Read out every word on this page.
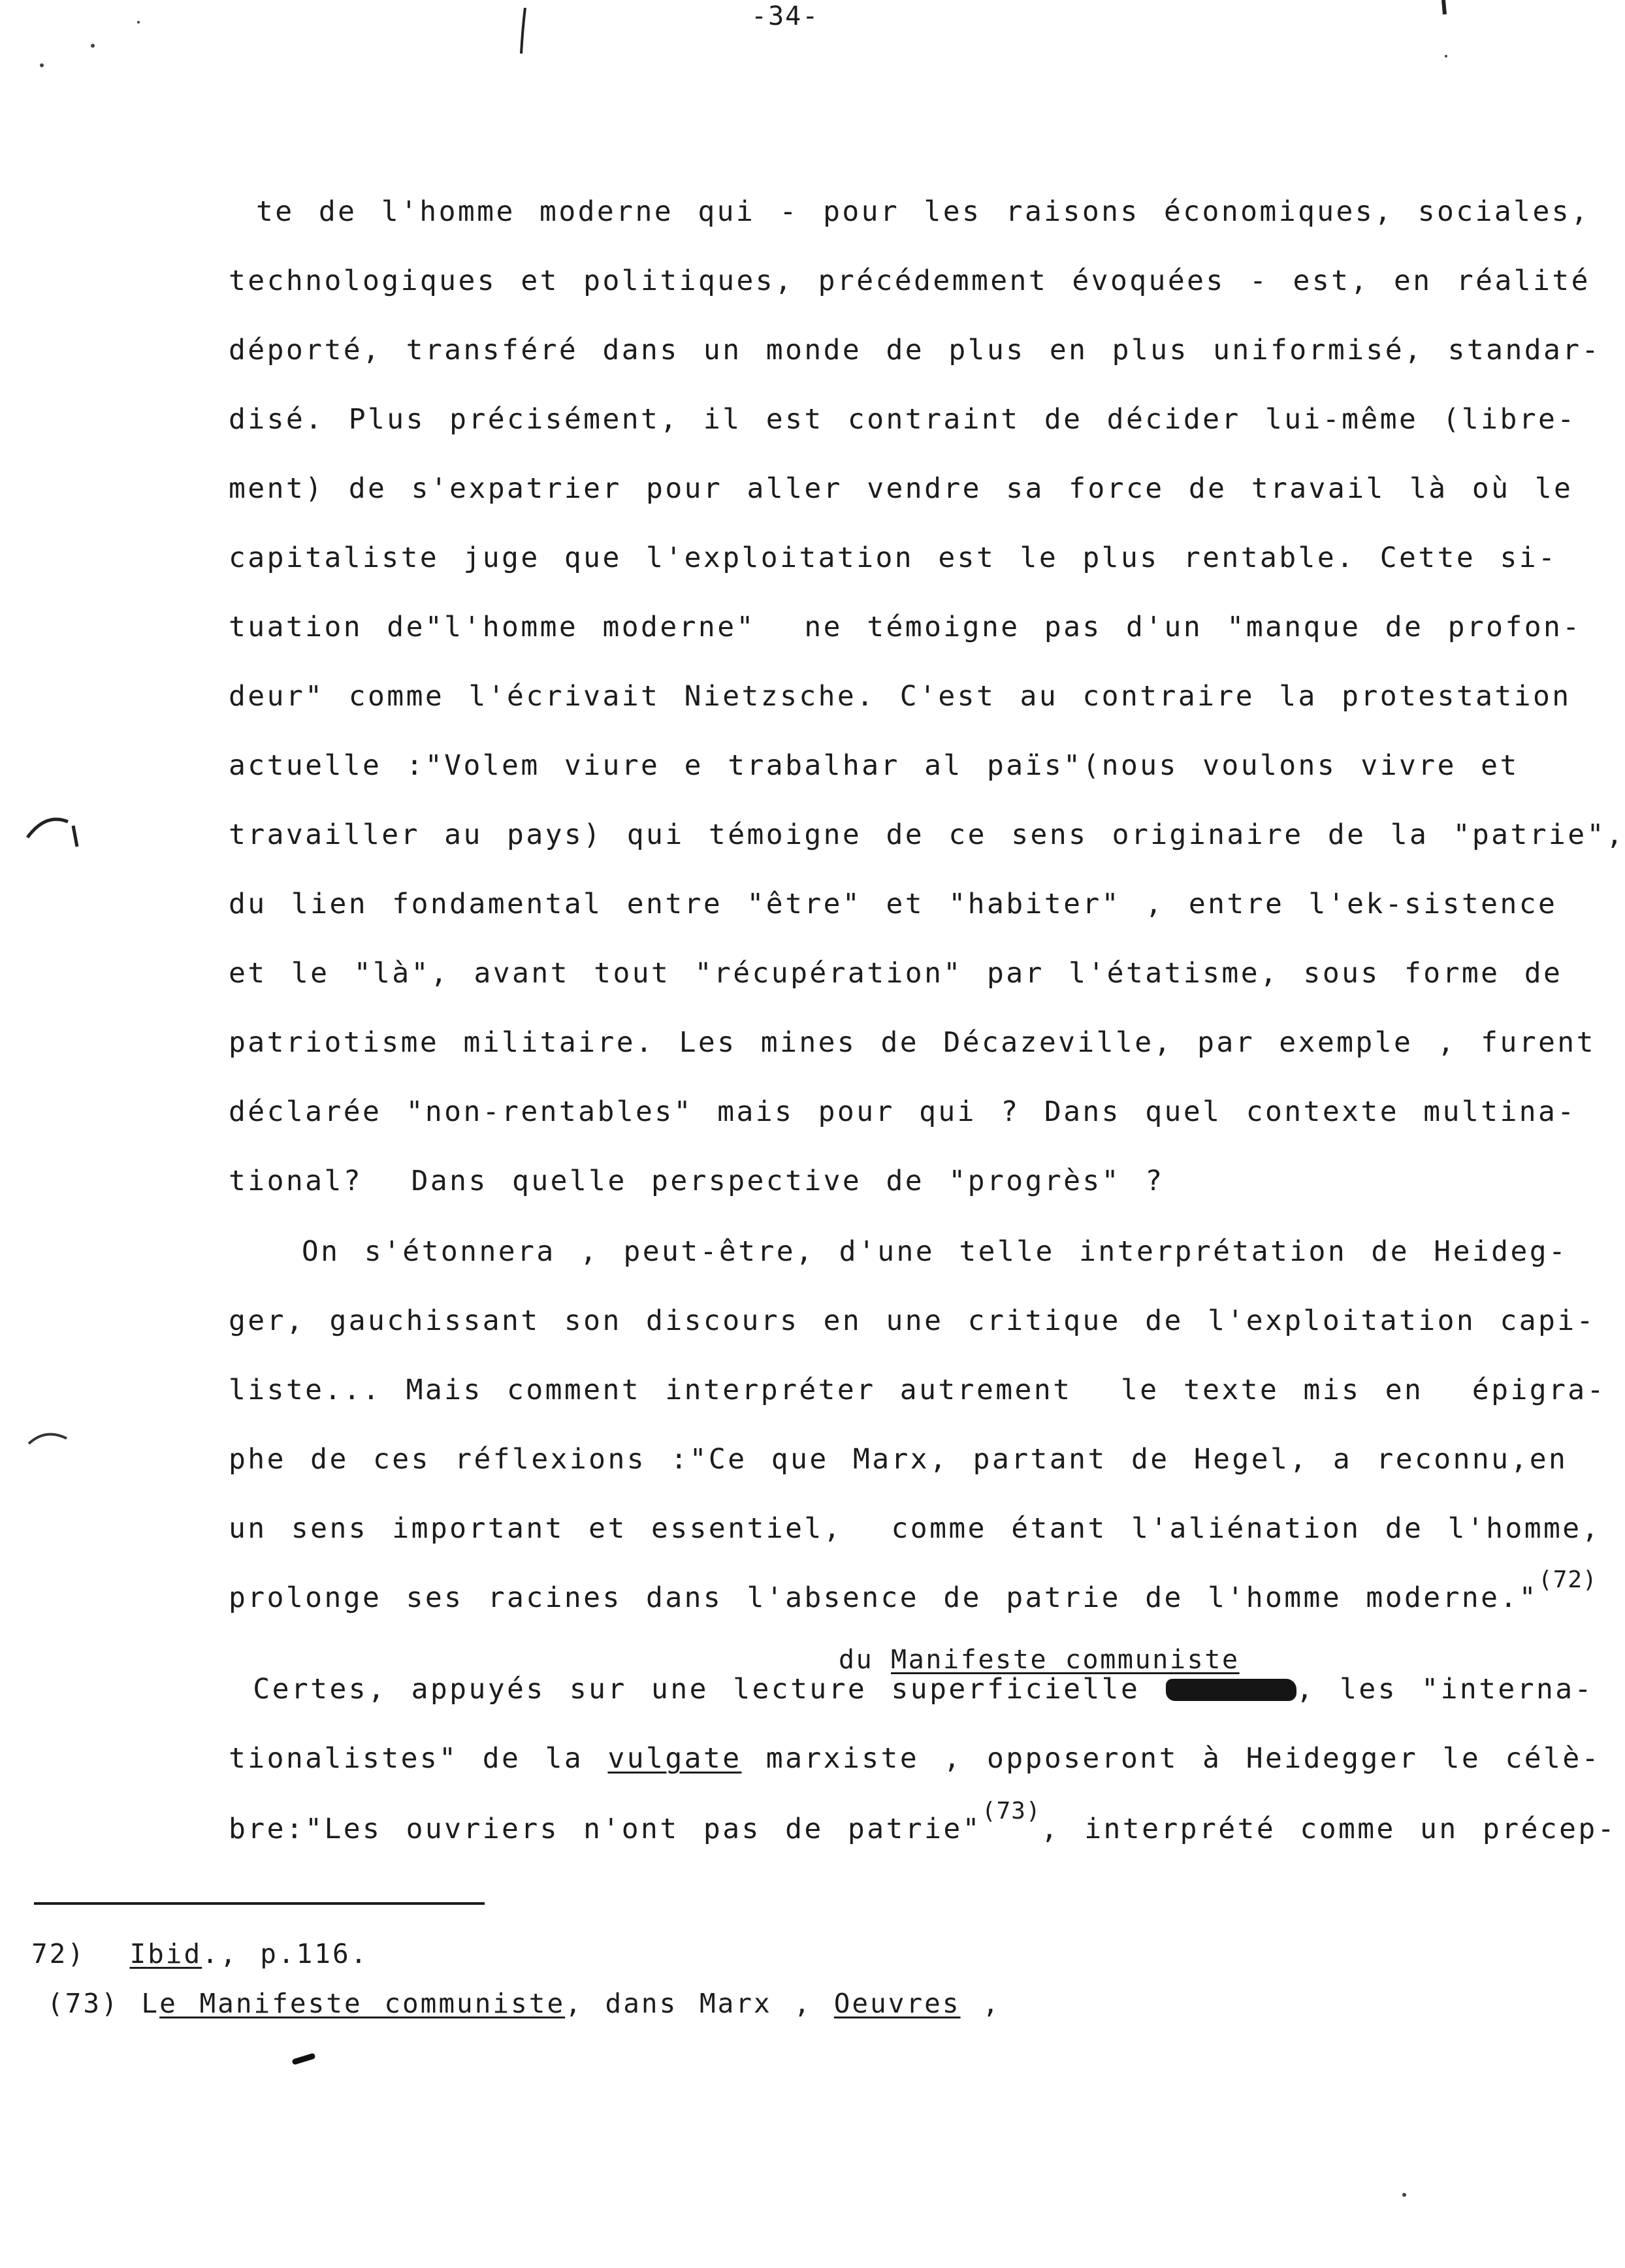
-34-
te de l'homme moderne qui - pour les raisons économiques, sociales,
technologiques et politiques, précédemment évoquées - est, en réalité
déporté, transféré dans un monde de plus en plus uniformisé, standar-
disé. Plus précisément, il est contraint de décider lui-même (libre-
ment) de s'expatrier pour aller vendre sa force de travail là où le
capitaliste juge que l'exploitation est le plus rentable. Cette si-
tuation de"l'homme moderne"  ne témoigne pas d'un "manque de profon-
deur" comme l'écrivait Nietzsche. C'est au contraire la protestation
actuelle :"Volem viure e trabalhar al païs"(nous voulons vivre et
travailler au pays) qui témoigne de ce sens originaire de la "patrie",
du lien fondamental entre "être" et "habiter" , entre l'ek-sistence
et le "là", avant tout "récupération" par l'étatisme, sous forme de
patriotisme militaire. Les mines de Décazeville, par exemple , furent
déclarée "non-rentables" mais pour qui ? Dans quel contexte multina-
tional?  Dans quelle perspective de "progrès" ?
On s'étonnera , peut-être, d'une telle interprétation de Heideg-
ger, gauchissant son discours en une critique de l'exploitation capi-
liste... Mais comment interpréter autrement  le texte mis en  épigra-
phe de ces réflexions :"Ce que Marx, partant de Hegel, a reconnu,en
un sens important et essentiel,  comme étant l'aliénation de l'homme,
prolonge ses racines dans l'absence de patrie de l'homme moderne."$^{(72)}$
du Manifeste communiste
Certes, appuyés sur une lecture superficielle	, les "interna-
tionalistes" de la vulgate marxiste , opposeront à Heidegger le célè-
bre:"Les ouvriers n'ont pas de patrie"$^{(73)}$, interprété comme un précep-
72) Ibid., p.116.
(73) Le Manifeste communiste, dans Marx , Oeuvres ,
